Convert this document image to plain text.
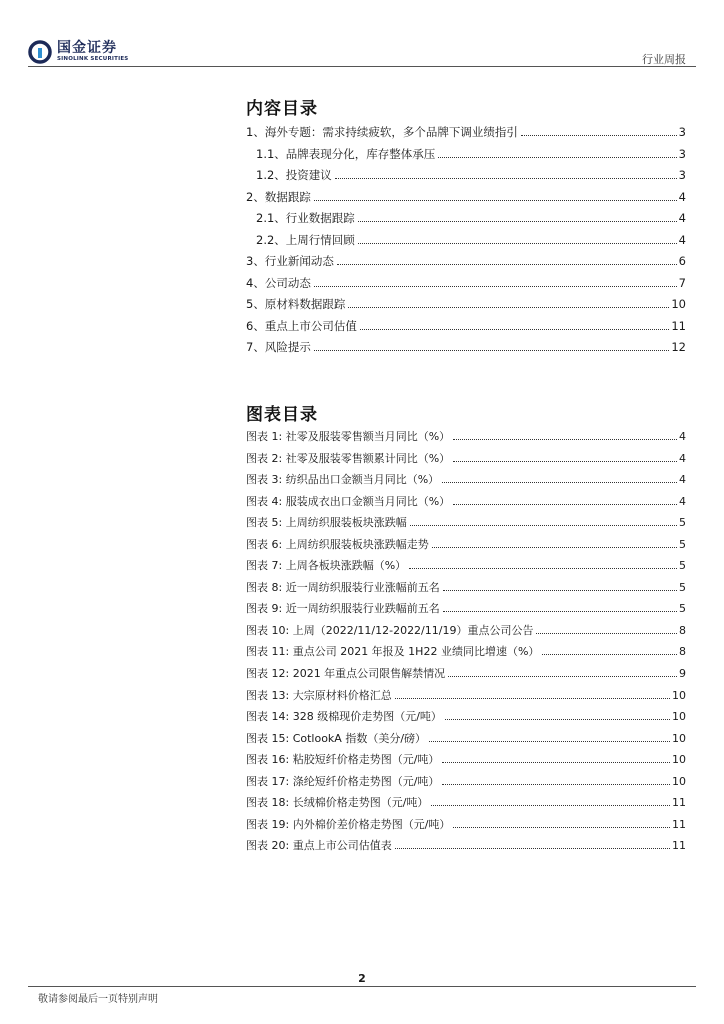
国金证券
SINOLINK SECURITIES	行业周报
内容目录
1、海外专题：需求持续疲软，多个品牌下调业绩指引	3
1.1、品牌表现分化，库存整体承压	3
1.2、投资建议	3
2、数据跟踪	4
2.1、行业数据跟踪	4
2.2、上周行情回顾	4
3、行业新闻动态	6
4、公司动态	7
5、原材料数据跟踪	10
6、重点上市公司估值	11
7、风险提示	12
图表目录
图表 1: 社零及服装零售额当月同比（%）	4
图表 2: 社零及服装零售额累计同比（%）	4
图表 3: 纺织品出口金额当月同比（%）	4
图表 4: 服装成衣出口金额当月同比（%）	4
图表 5: 上周纺织服装板块涨跌幅	5
图表 6: 上周纺织服装板块涨跌幅走势	5
图表 7: 上周各板块涨跌幅（%）	5
图表 8: 近一周纺织服装行业涨幅前五名	5
图表 9: 近一周纺织服装行业跌幅前五名	5
图表 10: 上周（2022/11/12-2022/11/19）重点公司公告	8
图表 11: 重点公司 2021 年报及 1H22 业绩同比增速（%）	8
图表 12: 2021 年重点公司限售解禁情况	9
图表 13: 大宗原材料价格汇总	10
图表 14: 328 级棉现价走势图（元/吨）	10
图表 15: CotlookA 指数（美分/磅）	10
图表 16: 粘胶短纤价格走势图（元/吨）	10
图表 17: 涤纶短纤价格走势图（元/吨）	10
图表 18: 长绒棉价格走势图（元/吨）	11
图表 19: 内外棉价差价格走势图（元/吨）	11
图表 20: 重点上市公司估值表	11
2
敬请参阅最后一页特别声明
